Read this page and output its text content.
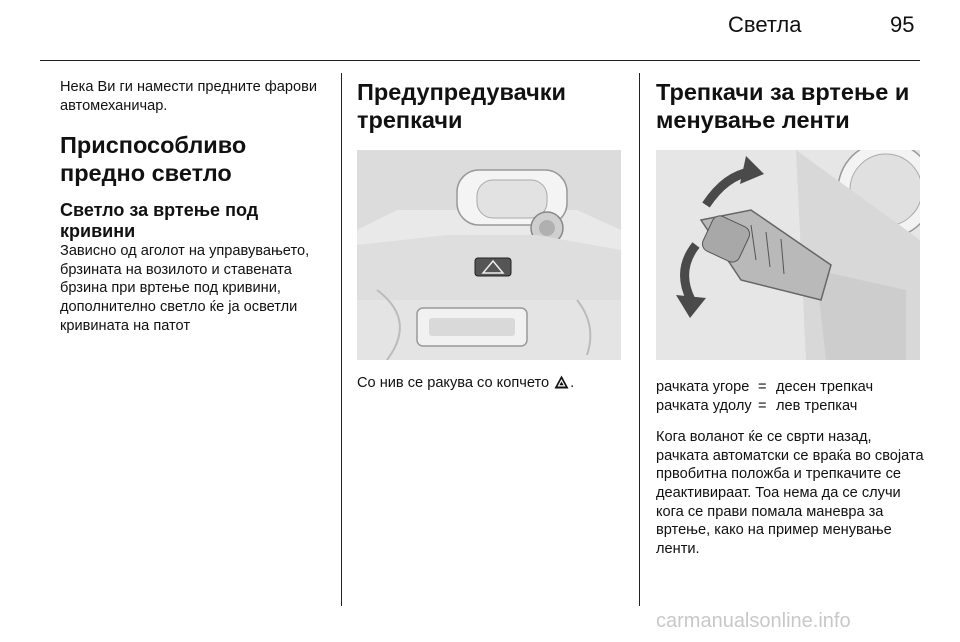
Светла	95

Нека Ви ги намести предните фарови автомеханичар.

Приспособливо предно светло
Светло за вртење под кривини

Зависно од аголот на управувањето, брзината на возилото и ставената брзина при вртење под кривини, дополнително светло ќе ја осветли кривината на патот

Предупредувачки трепкачи

Со нив се ракува со копчето .

Трепкачи за вртење и менување ленти
рачката угоре = десен трепкач
рачката удолу = лев трепкач

Кога воланот ќе се сврти назад, рачката автоматски се враќа во својата првобитна положба и трепкачите се деактивираат. Тоа нема да се случи кога се прави помала маневра за вртење, како на пример менување ленти.

carmanualsonline.info
